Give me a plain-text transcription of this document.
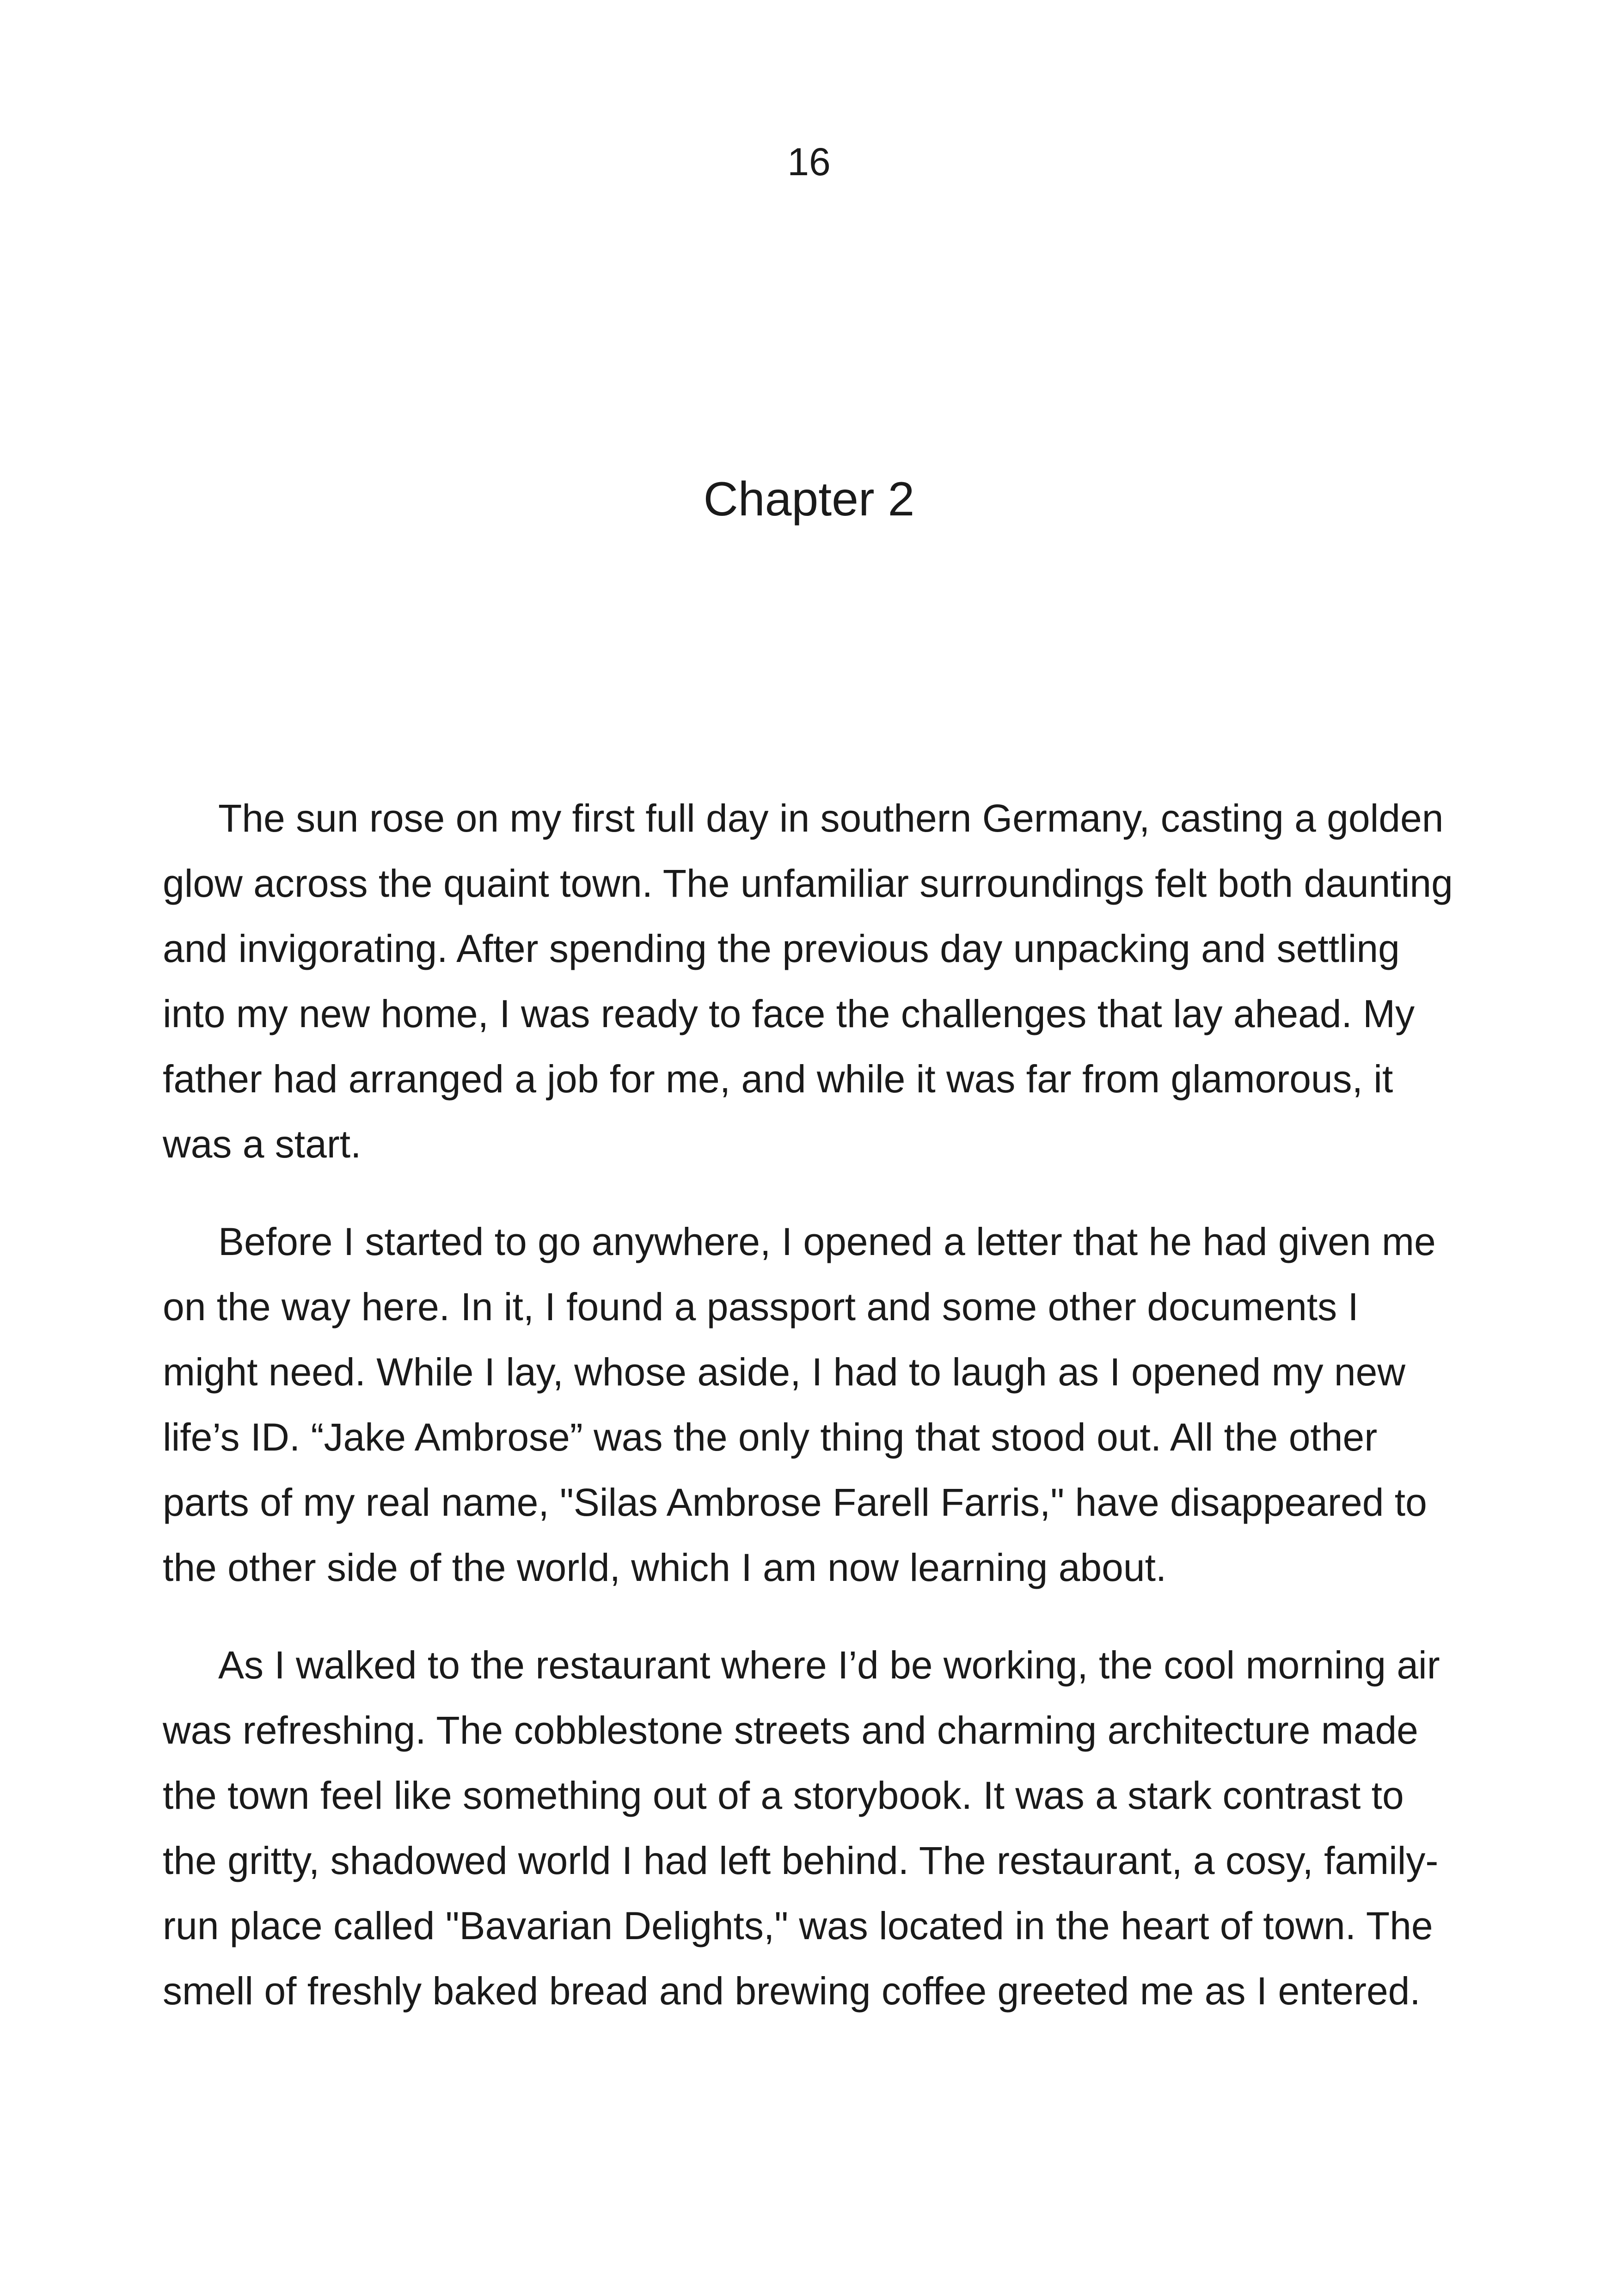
16
Chapter 2

The sun rose on my first full day in southern Germany, casting a golden glow across the quaint town. The unfamiliar surroundings felt both daunting and invigorating. After spending the previous day unpacking and settling into my new home, I was ready to face the challenges that lay ahead. My father had arranged a job for me, and while it was far from glamorous, it was a start.

Before I started to go anywhere, I opened a letter that he had given me on the way here. In it, I found a passport and some other documents I might need. While I lay, whose aside, I had to laugh as I opened my new life’s ID. “Jake Ambrose” was the only thing that stood out. All the other parts of my real name, "Silas Ambrose Farell Farris," have disappeared to the other side of the world, which I am now learning about.

As I walked to the restaurant where I’d be working, the cool morning air was refreshing. The cobblestone streets and charming architecture made the town feel like something out of a storybook. It was a stark contrast to the gritty, shadowed world I had left behind. The restaurant, a cosy, family-run place called "Bavarian Delights," was located in the heart of town. The smell of freshly baked bread and brewing coffee greeted me as I entered.
